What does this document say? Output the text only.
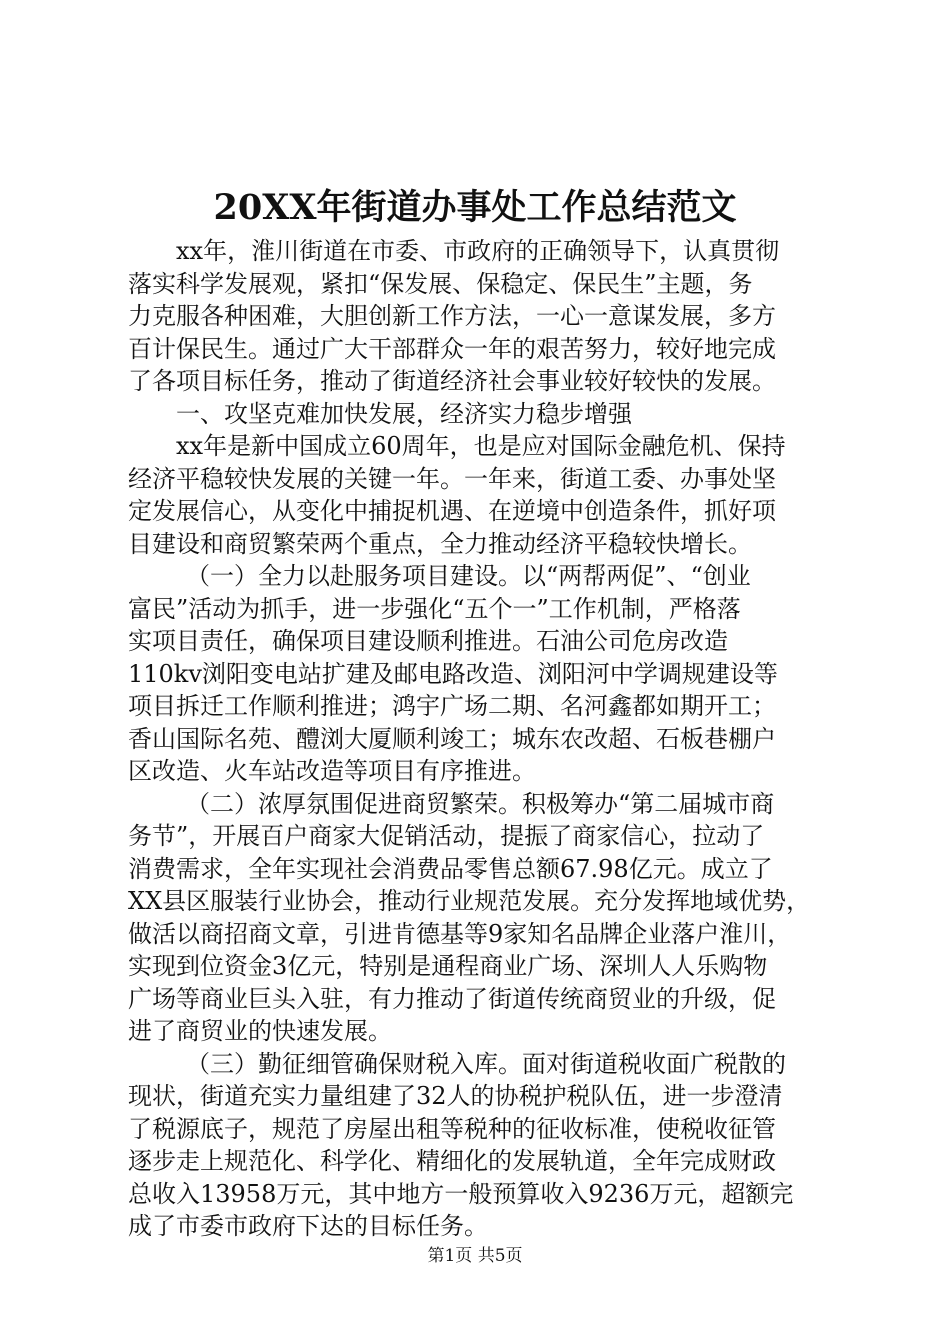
20XX年街道办事处工作总结范文
xx年，淮川街道在市委、市政府的正确领导下，认真贯彻
落实科学发展观，紧扣“保发展、保稳定、保民生”主题，务
力克服各种困难，大胆创新工作方法，一心一意谋发展，多方
百计保民生。通过广大干部群众一年的艰苦努力，较好地完成
了各项目标任务，推动了街道经济社会事业较好较快的发展。
一、攻坚克难加快发展，经济实力稳步增强
xx年是新中国成立60周年，也是应对国际金融危机、保持
经济平稳较快发展的关键一年。一年来，街道工委、办事处坚
定发展信心，从变化中捕捉机遇、在逆境中创造条件，抓好项
目建设和商贸繁荣两个重点，全力推动经济平稳较快增长。
（一）全力以赴服务项目建设。以“两帮两促”、“创业
富民”活动为抓手，进一步强化“五个一”工作机制，严格落
实项目责任，确保项目建设顺利推进。石油公司危房改造
110kv浏阳变电站扩建及邮电路改造、浏阳河中学调规建设等
项目拆迁工作顺利推进；鸿宇广场二期、名河鑫都如期开工；
香山国际名苑、醴浏大厦顺利竣工；城东农改超、石板巷棚户
区改造、火车站改造等项目有序推进。
（二）浓厚氛围促进商贸繁荣。积极筹办“第二届城市商
务节”，开展百户商家大促销活动，提振了商家信心，拉动了
消费需求，全年实现社会消费品零售总额67.98亿元。成立了
XX县区服装行业协会，推动行业规范发展。充分发挥地域优势，
做活以商招商文章，引进肯德基等9家知名品牌企业落户淮川，
实现到位资金3亿元，特别是通程商业广场、深圳人人乐购物
广场等商业巨头入驻，有力推动了街道传统商贸业的升级，促
进了商贸业的快速发展。
（三）勤征细管确保财税入库。面对街道税收面广税散的
现状，街道充实力量组建了32人的协税护税队伍，进一步澄清
了税源底子，规范了房屋出租等税种的征收标准，使税收征管
逐步走上规范化、科学化、精细化的发展轨道，全年完成财政
总收入13958万元，其中地方一般预算收入9236万元，超额完
成了市委市政府下达的目标任务。
第1页 共5页
